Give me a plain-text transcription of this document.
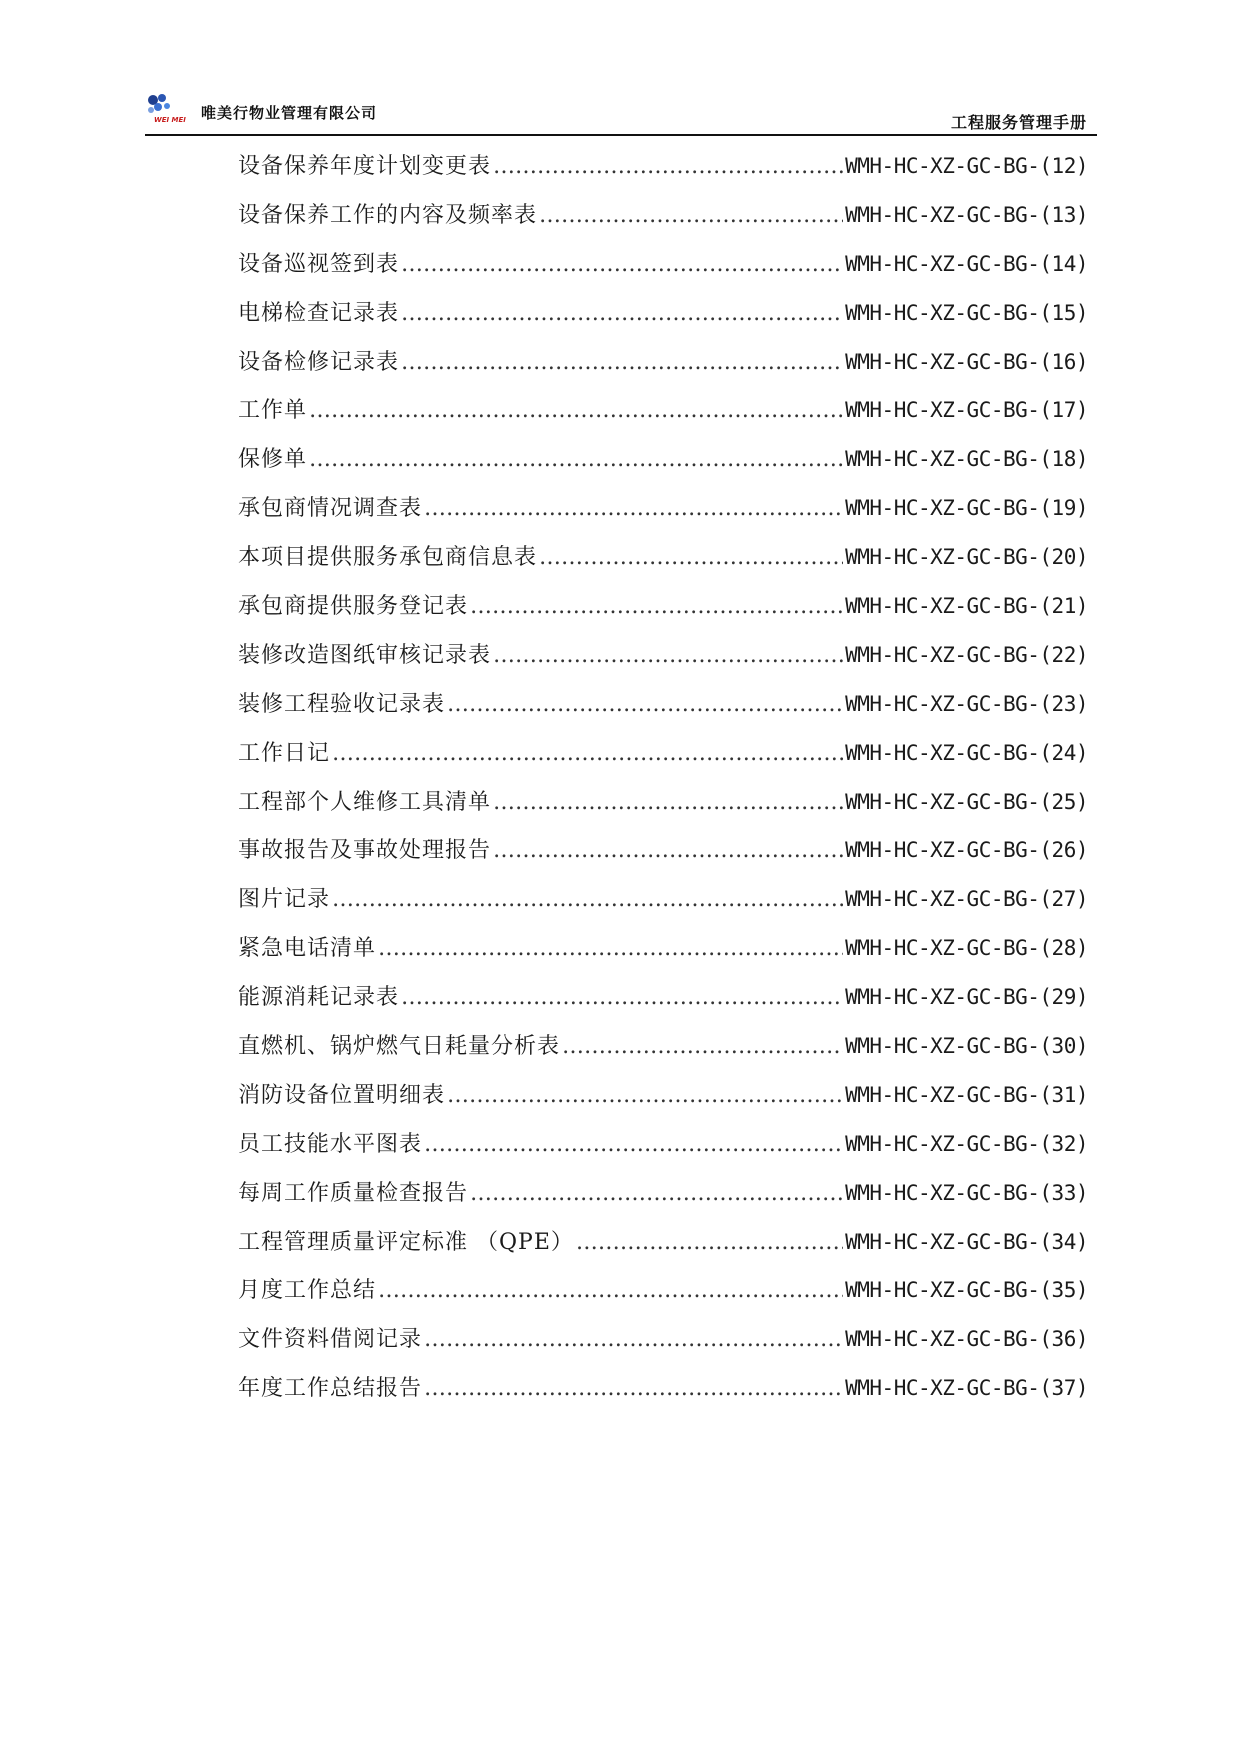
WEI MEI 唯美行物业管理有限公司	工程服务管理手册
设备保养年度计划变更表 ……………………………………………………………………………………………………………………………………………………………………	WMH-HC-XZ-GC-BG-(12)
设备保养工作的内容及频率表 ……………………………………………………………………………………………………………………………………………………………………	WMH-HC-XZ-GC-BG-(13)
设备巡视签到表 ……………………………………………………………………………………………………………………………………………………………………	WMH-HC-XZ-GC-BG-(14)
电梯检查记录表 ……………………………………………………………………………………………………………………………………………………………………	WMH-HC-XZ-GC-BG-(15)
设备检修记录表 ……………………………………………………………………………………………………………………………………………………………………	WMH-HC-XZ-GC-BG-(16)
工作单 ……………………………………………………………………………………………………………………………………………………………………	WMH-HC-XZ-GC-BG-(17)
保修单 ……………………………………………………………………………………………………………………………………………………………………	WMH-HC-XZ-GC-BG-(18)
承包商情况调查表 ……………………………………………………………………………………………………………………………………………………………………	WMH-HC-XZ-GC-BG-(19)
本项目提供服务承包商信息表 ……………………………………………………………………………………………………………………………………………………………………	WMH-HC-XZ-GC-BG-(20)
承包商提供服务登记表 ……………………………………………………………………………………………………………………………………………………………………	WMH-HC-XZ-GC-BG-(21)
装修改造图纸审核记录表 ……………………………………………………………………………………………………………………………………………………………………	WMH-HC-XZ-GC-BG-(22)
装修工程验收记录表 ……………………………………………………………………………………………………………………………………………………………………	WMH-HC-XZ-GC-BG-(23)
工作日记 ……………………………………………………………………………………………………………………………………………………………………	WMH-HC-XZ-GC-BG-(24)
工程部个人维修工具清单 ……………………………………………………………………………………………………………………………………………………………………	WMH-HC-XZ-GC-BG-(25)
事故报告及事故处理报告 ……………………………………………………………………………………………………………………………………………………………………	WMH-HC-XZ-GC-BG-(26)
图片记录 ……………………………………………………………………………………………………………………………………………………………………	WMH-HC-XZ-GC-BG-(27)
紧急电话清单 ……………………………………………………………………………………………………………………………………………………………………	WMH-HC-XZ-GC-BG-(28)
能源消耗记录表 ……………………………………………………………………………………………………………………………………………………………………	WMH-HC-XZ-GC-BG-(29)
直燃机、锅炉燃气日耗量分析表 ……………………………………………………………………………………………………………………………………………………………………	WMH-HC-XZ-GC-BG-(30)
消防设备位置明细表 ……………………………………………………………………………………………………………………………………………………………………	WMH-HC-XZ-GC-BG-(31)
员工技能水平图表 ……………………………………………………………………………………………………………………………………………………………………	WMH-HC-XZ-GC-BG-(32)
每周工作质量检查报告 ……………………………………………………………………………………………………………………………………………………………………	WMH-HC-XZ-GC-BG-(33)
工程管理质量评定标准 （QPE） ……………………………………………………………………………………………………………………………………………………………………	WMH-HC-XZ-GC-BG-(34)
月度工作总结 ……………………………………………………………………………………………………………………………………………………………………	WMH-HC-XZ-GC-BG-(35)
文件资料借阅记录 ……………………………………………………………………………………………………………………………………………………………………	WMH-HC-XZ-GC-BG-(36)
年度工作总结报告 ……………………………………………………………………………………………………………………………………………………………………	WMH-HC-XZ-GC-BG-(37)
